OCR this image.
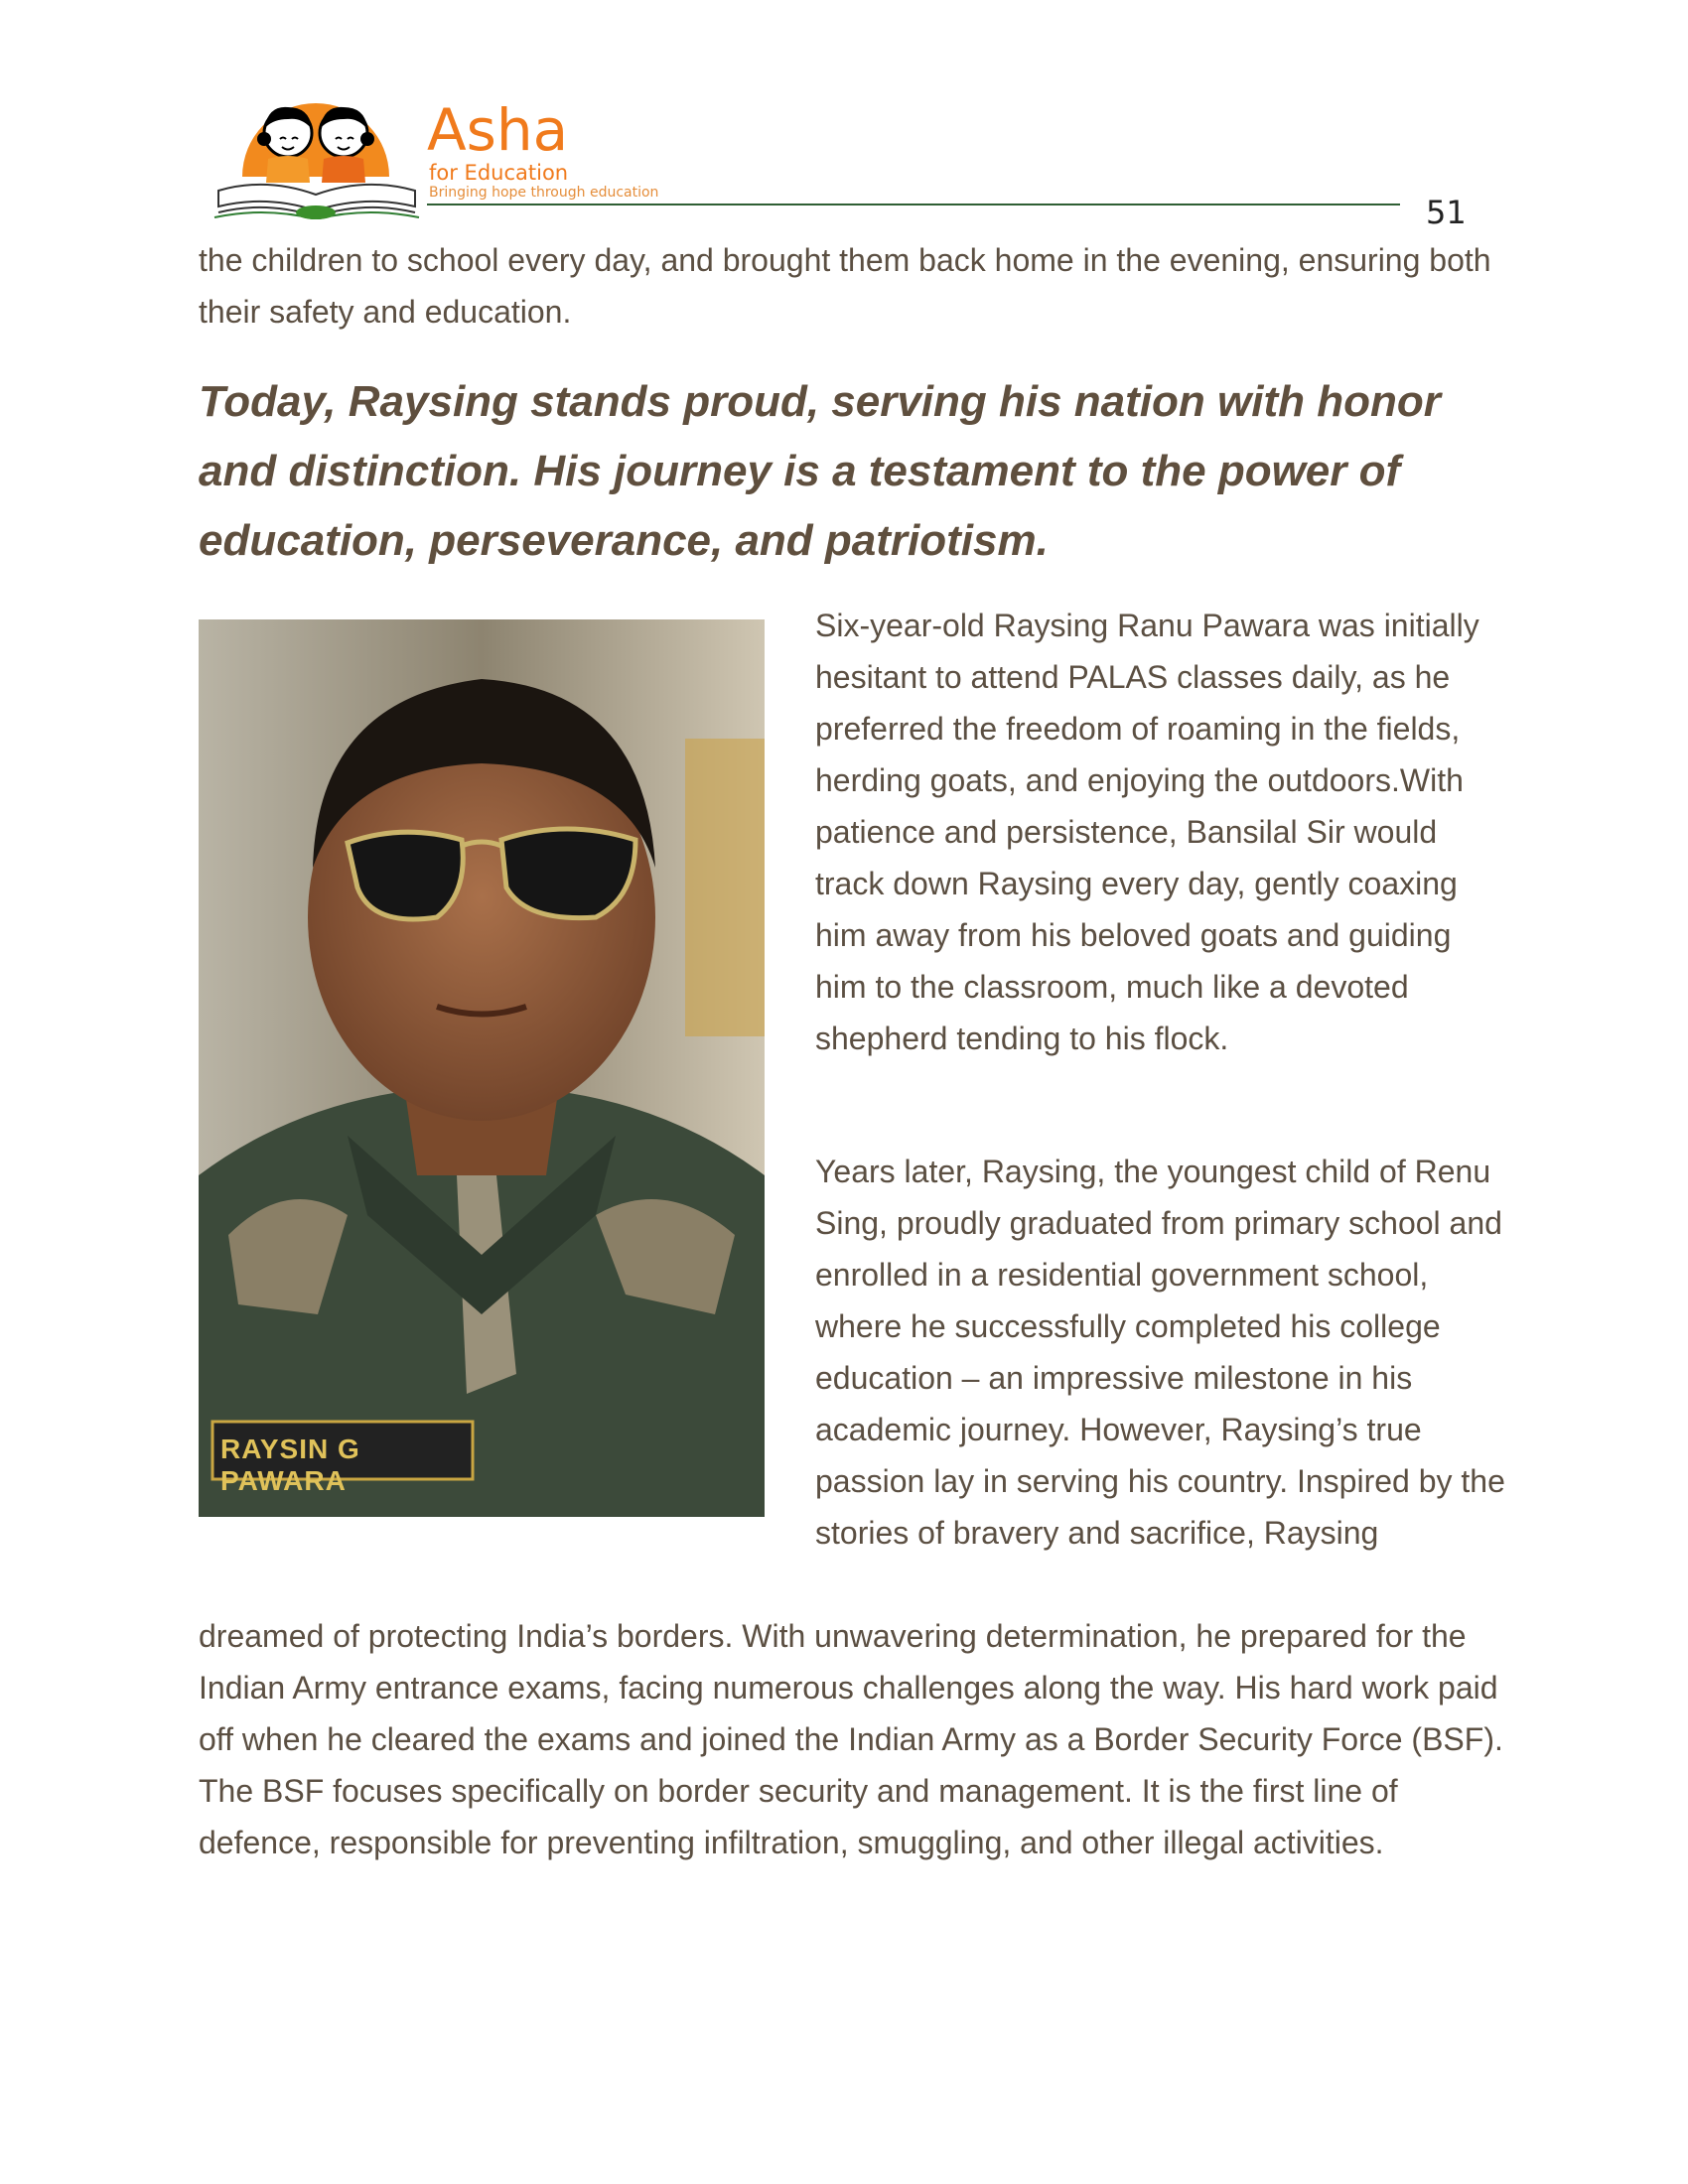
Asha
for Education
Bringing hope through education
51

the children to school every day, and brought them back home in the evening, ensuring both their safety and education.

Today, Raysing stands proud, serving his nation with honor and distinction. His journey is a testament to the power of education, perseverance, and patriotism.

RAYSIN G PAWARA

Six-year-old Raysing Ranu Pawara was initially hesitant to attend PALAS classes daily, as he preferred the freedom of roaming in the fields, herding goats, and enjoying the outdoors.With patience and persistence, Bansilal Sir would track down Raysing every day, gently coaxing him away from his beloved goats and guiding him to the classroom, much like a devoted shepherd tending to his flock.

Years later, Raysing, the youngest child of Renu Sing, proudly graduated from primary school and enrolled in a residential government school, where he successfully completed his college education – an impressive milestone in his academic journey. However, Raysing’s true passion lay in serving his country. Inspired by the stories of bravery and sacrifice, Raysing

dreamed of protecting India’s borders. With unwavering determination, he prepared for the Indian Army entrance exams, facing numerous challenges along the way. His hard work paid off when he cleared the exams and joined the Indian Army as a Border Security Force (BSF). The BSF focuses specifically on border security and management. It is the first line of defence, responsible for preventing infiltration, smuggling, and other illegal activities.
